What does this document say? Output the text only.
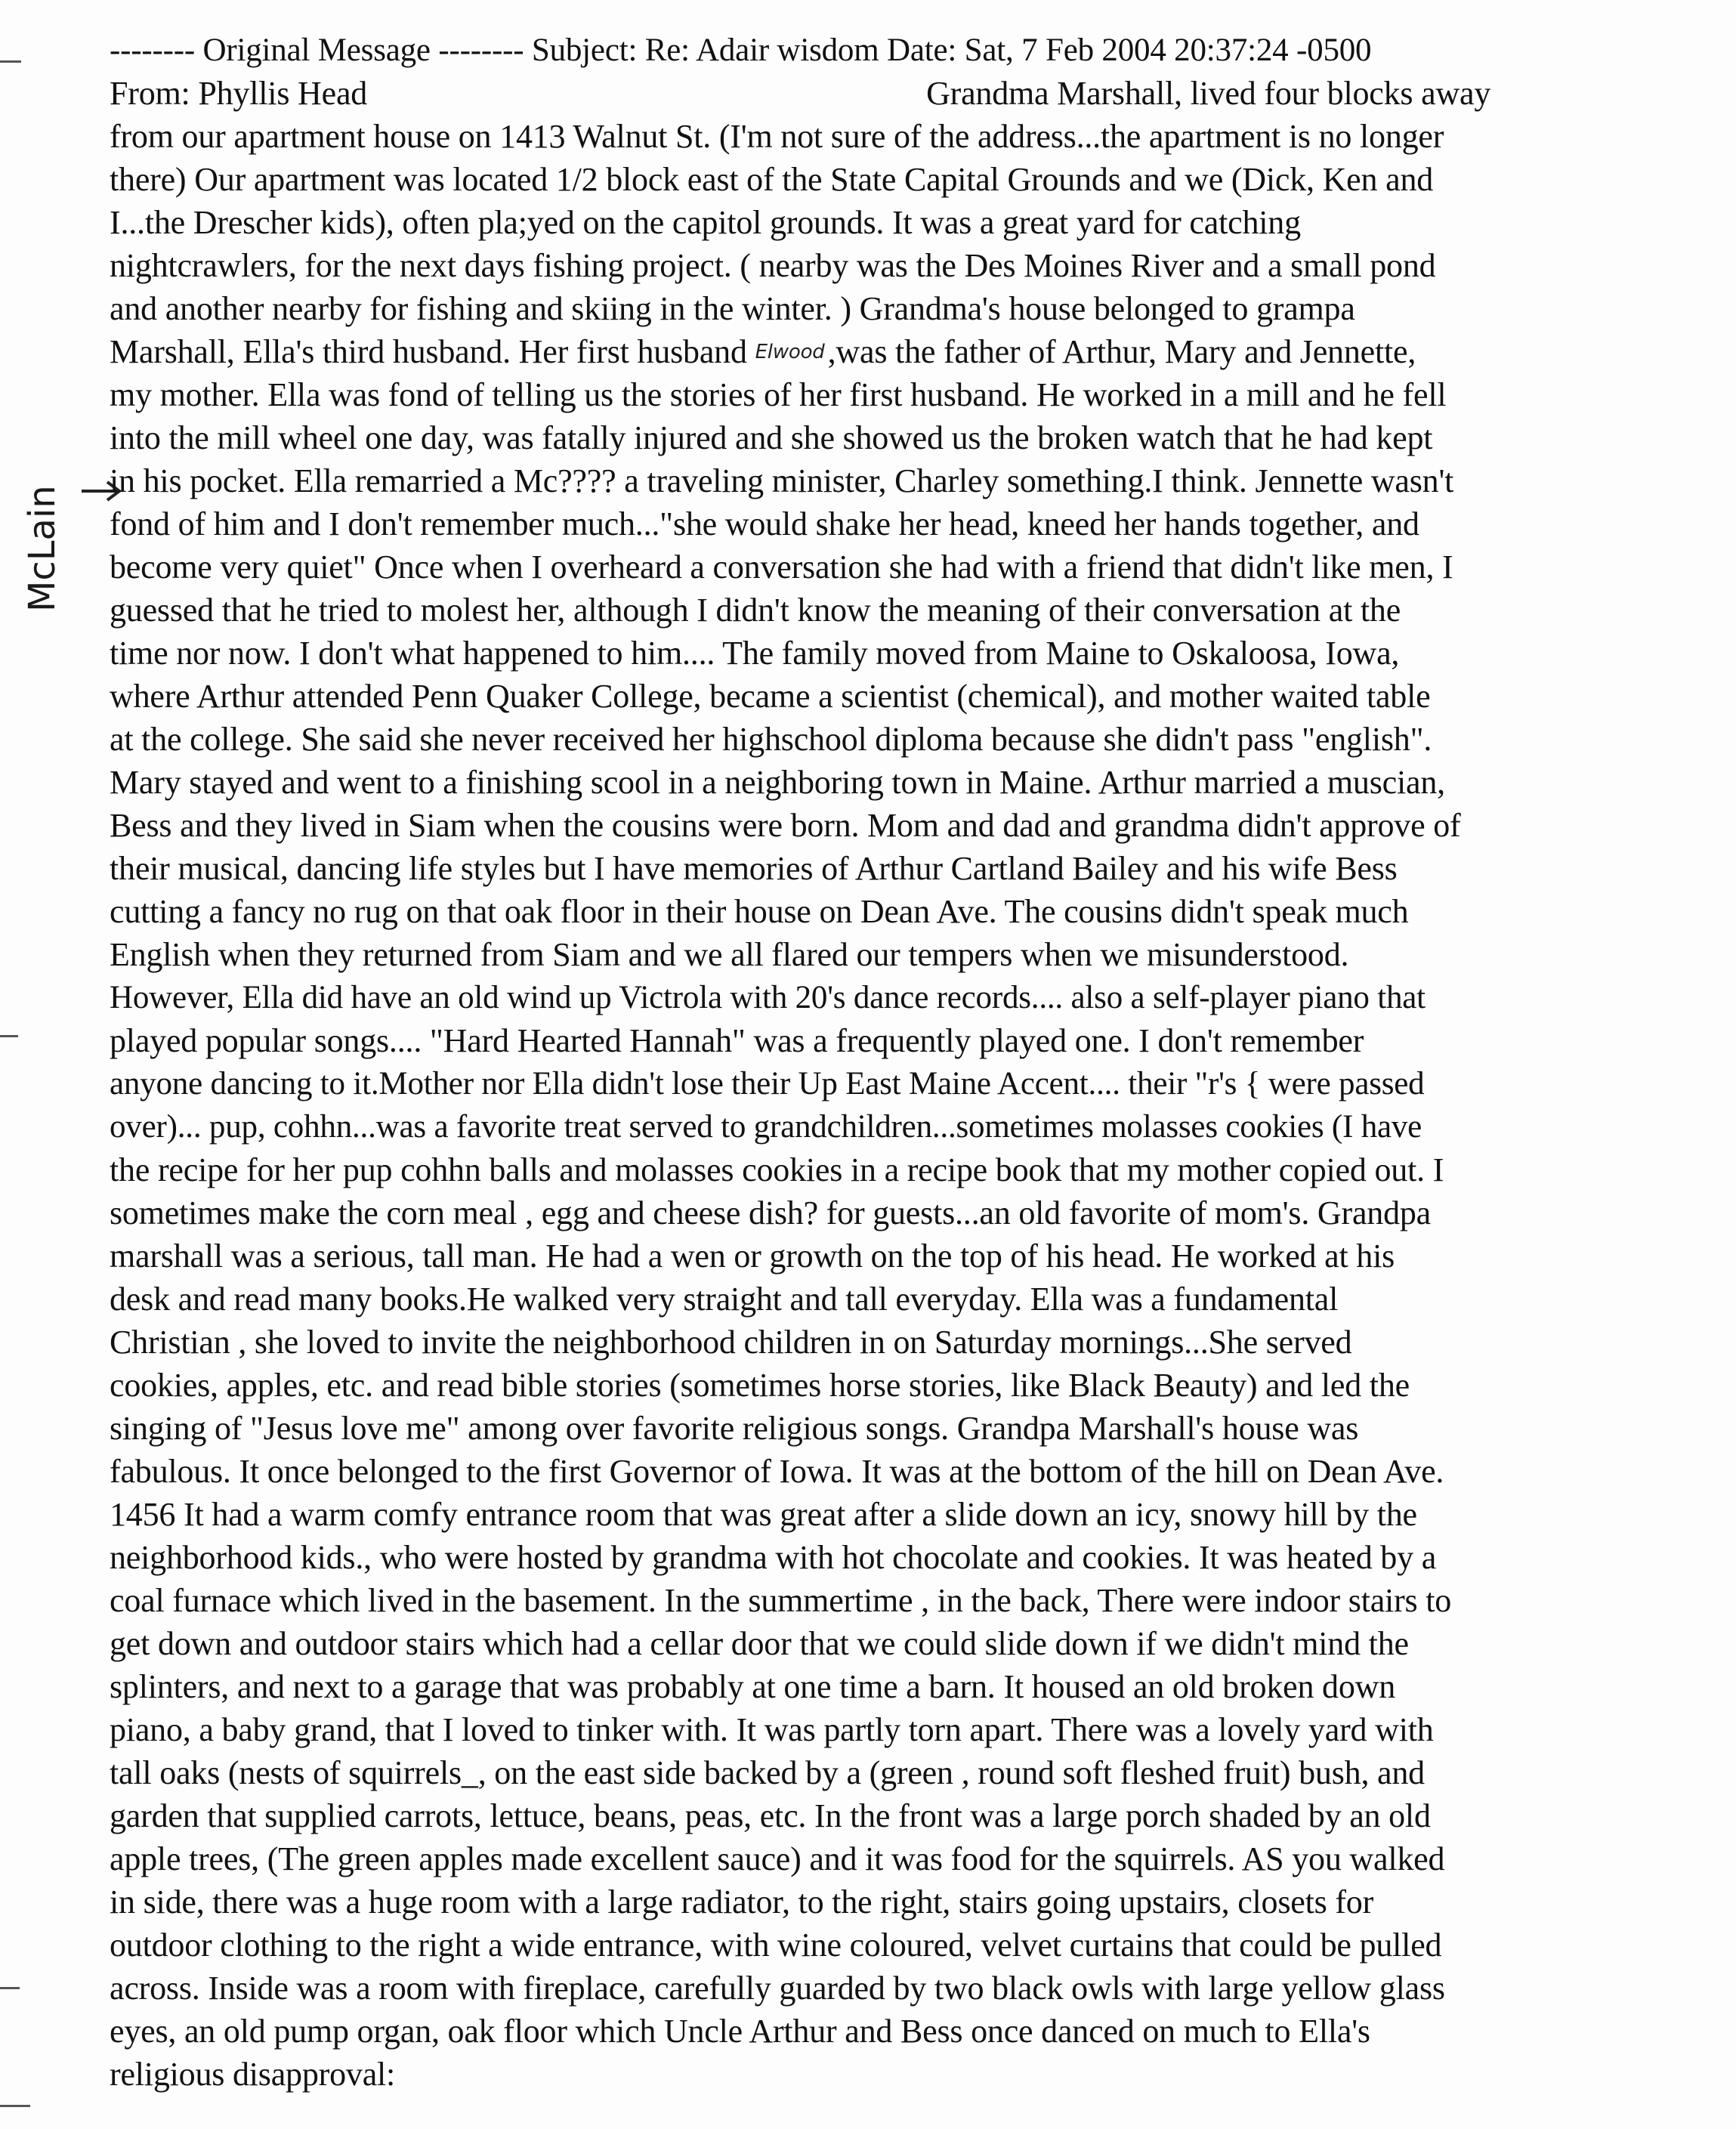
McLain
-------- Original Message -------- Subject: Re: Adair wisdom Date: Sat, 7 Feb 2004 20:37:24 -0500
From: Phyllis Head	Grandma Marshall, lived four blocks away
from our apartment house on 1413 Walnut St. (I'm not sure of the address...the apartment is no longer
there) Our apartment was located 1/2 block east of the State Capital Grounds and we (Dick, Ken and
I...the Drescher kids), often pla;yed on the capitol grounds. It was a great yard for catching
nightcrawlers, for the next days fishing project. ( nearby was the Des Moines River and a small pond
and another nearby for fishing and skiing in the winter. ) Grandma's house belonged to grampa
Marshall, Ella's third husband. Her first husband Elwood,was the father of Arthur, Mary and Jennette,
my mother. Ella was fond of telling us the stories of her first husband. He worked in a mill and he fell
into the mill wheel one day, was fatally injured and she showed us the broken watch that he had kept
in his pocket. Ella remarried a Mc???? a traveling minister, Charley something.I think. Jennette wasn't
fond of him and I don't remember much..."she would shake her head, kneed her hands together, and
become very quiet" Once when I overheard a conversation she had with a friend that didn't like men, I
guessed that he tried to molest her, although I didn't know the meaning of their conversation at the
time nor now. I don't what happened to him.... The family moved from Maine to Oskaloosa, Iowa,
where Arthur attended Penn Quaker College, became a scientist (chemical), and mother waited table
at the college. She said she never received her highschool diploma because she didn't pass "english".
Mary stayed and went to a finishing scool in a neighboring town in Maine. Arthur married a muscian,
Bess and they lived in Siam when the cousins were born. Mom and dad and grandma didn't approve of
their musical, dancing life styles but I have memories of Arthur Cartland Bailey and his wife Bess
cutting a fancy no rug on that oak floor in their house on Dean Ave. The cousins didn't speak much
English when they returned from Siam and we all flared our tempers when we misunderstood.
However, Ella did have an old wind up Victrola with 20's dance records.... also a self-player piano that
played popular songs.... "Hard Hearted Hannah" was a frequently played one. I don't remember
anyone dancing to it.Mother nor Ella didn't lose their Up East Maine Accent.... their "r's { were passed
over)... pup, cohhn...was a favorite treat served to grandchildren...sometimes molasses cookies (I have
the recipe for her pup cohhn balls and molasses cookies in a recipe book that my mother copied out. I
sometimes make the corn meal , egg and cheese dish? for guests...an old favorite of mom's. Grandpa
marshall was a serious, tall man. He had a wen or growth on the top of his head. He worked at his
desk and read many books.He walked very straight and tall everyday. Ella was a fundamental
Christian , she loved to invite the neighborhood children in on Saturday mornings...She served
cookies, apples, etc. and read bible stories (sometimes horse stories, like Black Beauty) and led the
singing of "Jesus love me" among over favorite religious songs. Grandpa Marshall's house was
fabulous. It once belonged to the first Governor of Iowa. It was at the bottom of the hill on Dean Ave.
1456 It had a warm comfy entrance room that was great after a slide down an icy, snowy hill by the
neighborhood kids., who were hosted by grandma with hot chocolate and cookies. It was heated by a
coal furnace which lived in the basement. In the summertime , in the back, There were indoor stairs to
get down and outdoor stairs which had a cellar door that we could slide down if we didn't mind the
splinters, and next to a garage that was probably at one time a barn. It housed an old broken down
piano, a baby grand, that I loved to tinker with. It was partly torn apart. There was a lovely yard with
tall oaks (nests of squirrels_, on the east side backed by a (green , round soft fleshed fruit) bush, and
garden that supplied carrots, lettuce, beans, peas, etc. In the front was a large porch shaded by an old
apple trees, (The green apples made excellent sauce) and it was food for the squirrels. AS you walked
in side, there was a huge room with a large radiator, to the right, stairs going upstairs, closets for
outdoor clothing to the right a wide entrance, with wine coloured, velvet curtains that could be pulled
across. Inside was a room with fireplace, carefully guarded by two black owls with large yellow glass
eyes, an old pump organ, oak floor which Uncle Arthur and Bess once danced on much to Ella's
religious disapproval:
